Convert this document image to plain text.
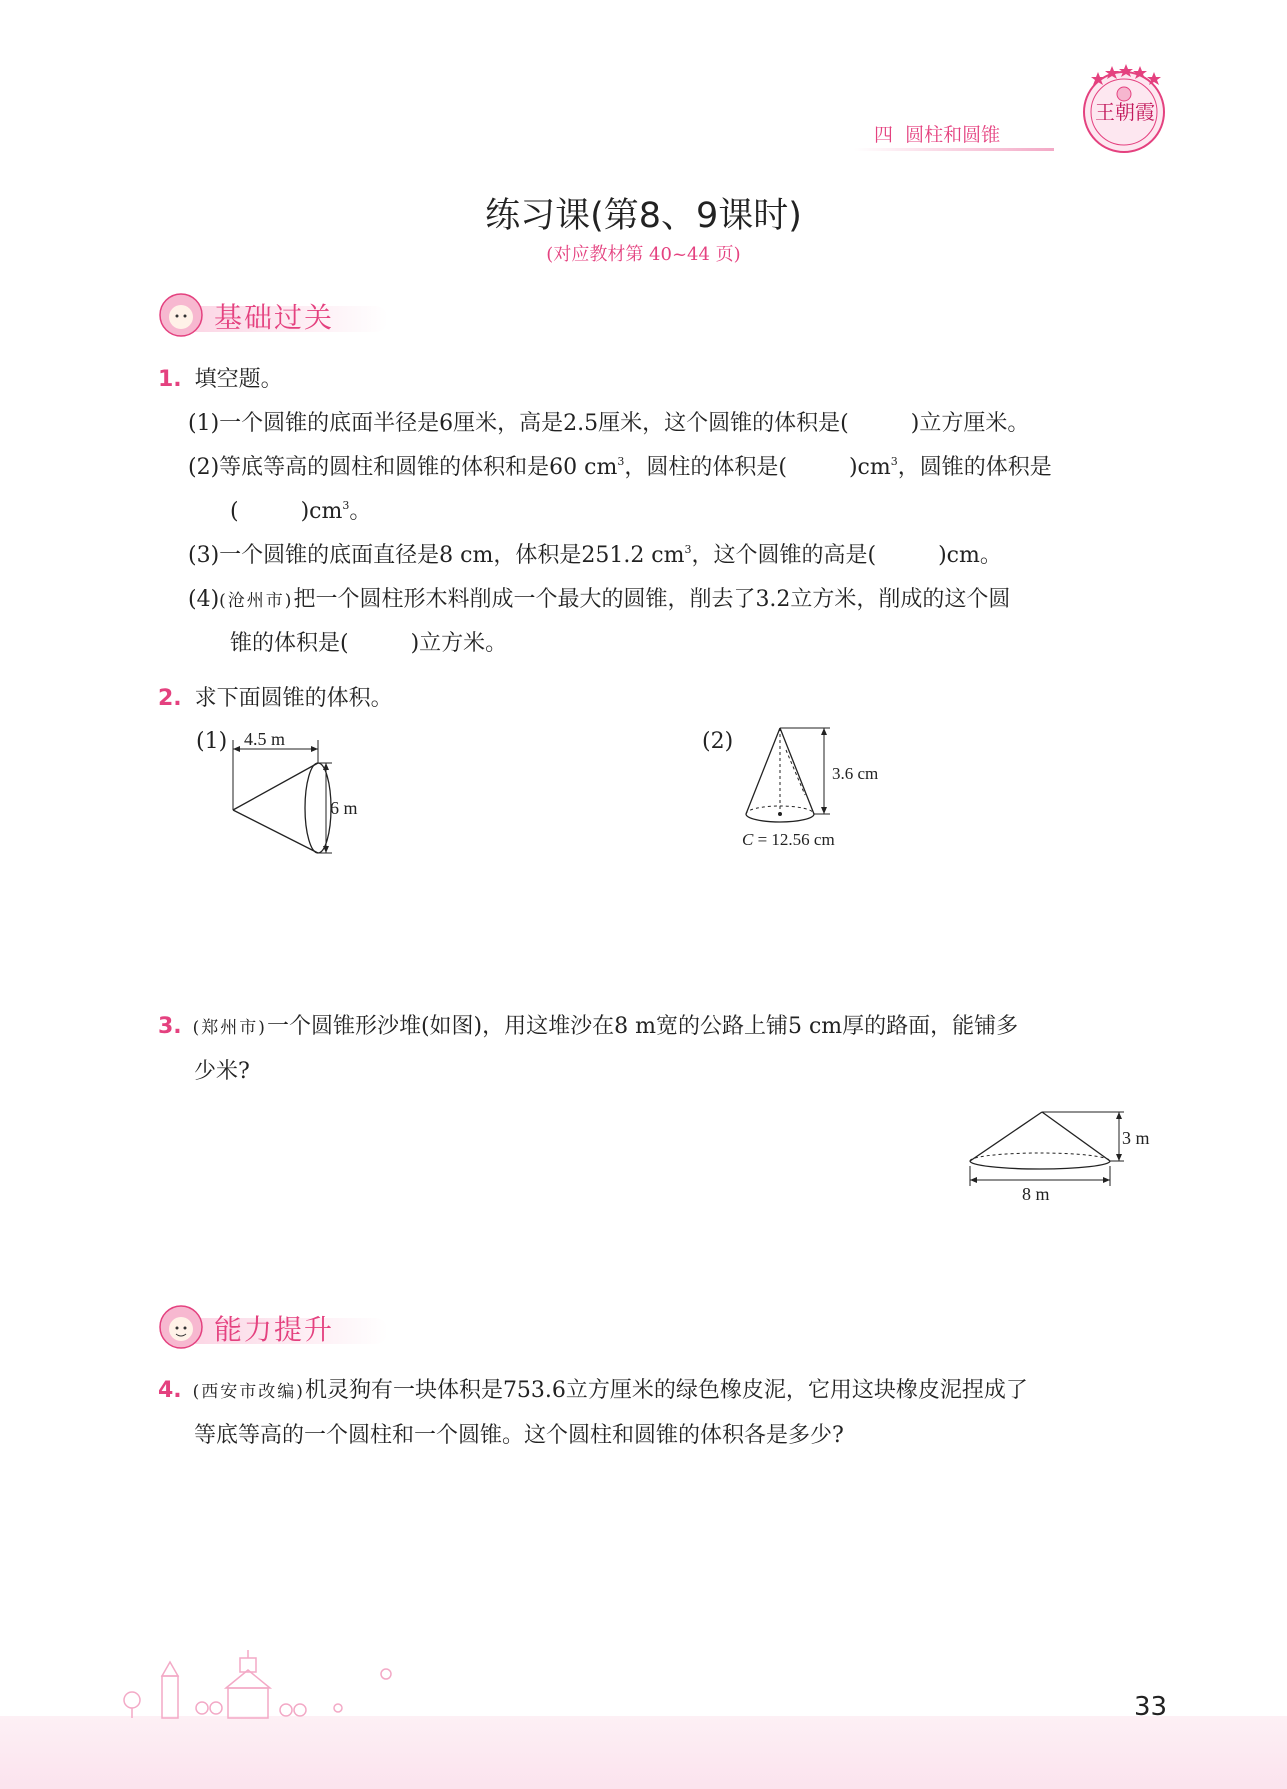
四  圆柱和圆锥
王朝霞
练习课(第8、9课时)
(对应教材第 40~44 页)
基础过关
1. 填空题。
(1)一个圆锥的底面半径是6厘米，高是2.5厘米，这个圆锥的体积是(	)立方厘米。
(2)等底等高的圆柱和圆锥的体积和是60 $cm^3$，圆柱的体积是(	)$cm^3$，圆锥的体积是
(	)$cm^3$。
(3)一个圆锥的底面直径是8 cm，体积是251.2 $cm^3$，这个圆锥的高是(	)cm。
(4)(沧州市)把一个圆柱形木料削成一个最大的圆锥，削去了3.2立方米，削成的这个圆
锥的体积是(	)立方米。
2. 求下面圆锥的体积。
(1) 4.5 m
6 m
(2)
3.6 cm
C = 12.56 cm
3. (郑州市)一个圆锥形沙堆(如图)，用这堆沙在8 m宽的公路上铺5 cm厚的路面，能铺多
少米?
3 m
8 m
能力提升
4. (西安市改编)机灵狗有一块体积是753.6立方厘米的绿色橡皮泥，它用这块橡皮泥捏成了
等底等高的一个圆柱和一个圆锥。这个圆柱和圆锥的体积各是多少?
33
